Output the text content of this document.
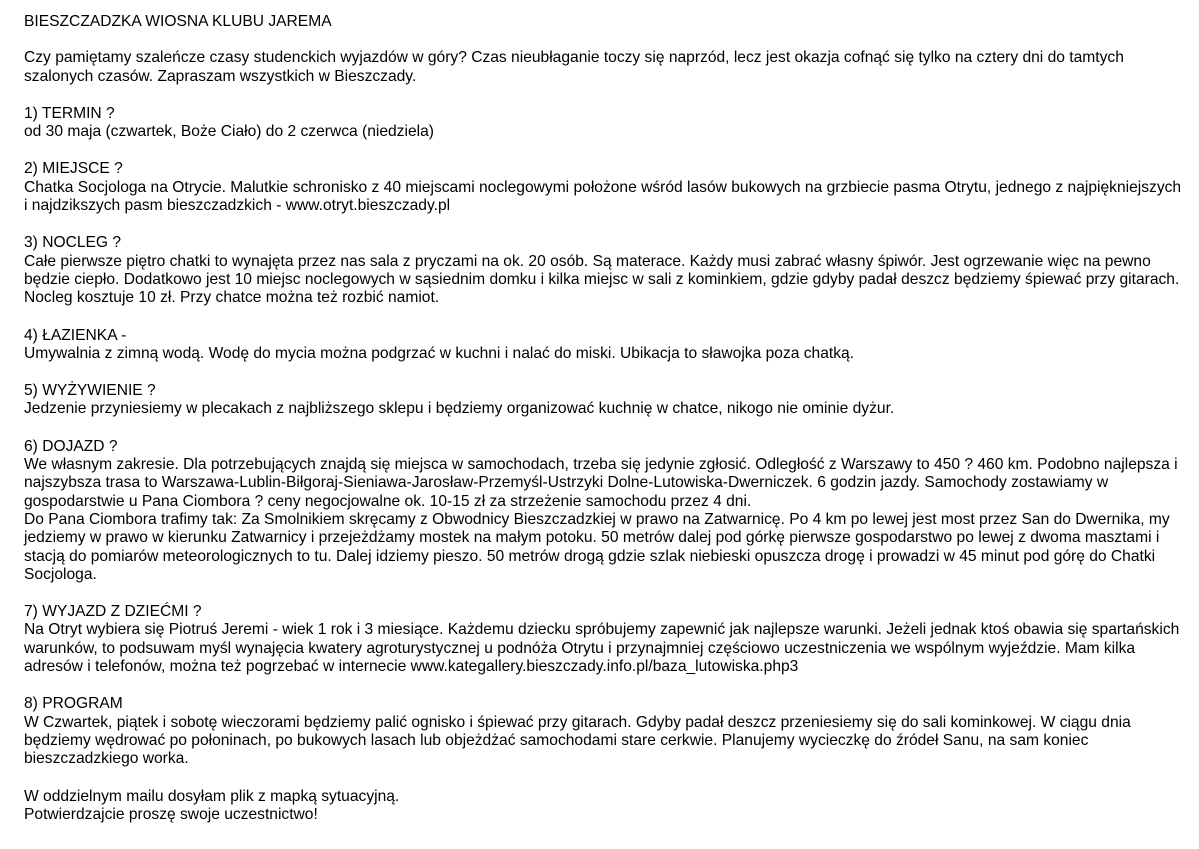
BIESZCZADZKA WIOSNA KLUBU JAREMA

Czy pamiętamy szaleńcze czasy studenckich wyjazdów w góry? Czas nieubłaganie toczy się naprzód, lecz jest okazja cofnąć się tylko na cztery dni do tamtych szalonych czasów. Zapraszam wszystkich w Bieszczady.

1) TERMIN ?

od 30 maja (czwartek, Boże Ciało) do 2 czerwca (niedziela)

2) MIEJSCE ?

Chatka Socjologa na Otrycie. Malutkie schronisko z 40 miejscami noclegowymi położone wśród lasów bukowych na grzbiecie pasma Otrytu, jednego z najpiękniejszych i najdzikszych pasm bieszczadzkich - www.otryt.bieszczady.pl

3) NOCLEG ?

Całe pierwsze piętro chatki to wynajęta przez nas sala z pryczami na ok. 20 osób. Są materace. Każdy musi zabrać własny śpiwór. Jest ogrzewanie więc na pewno będzie ciepło. Dodatkowo jest 10 miejsc noclegowych w sąsiednim domku i kilka miejsc w sali z kominkiem, gdzie gdyby padał deszcz będziemy śpiewać przy gitarach. Nocleg kosztuje 10 zł. Przy chatce można też rozbić namiot.

4) ŁAZIENKA -

Umywalnia z zimną wodą. Wodę do mycia można podgrzać w kuchni i nalać do miski. Ubikacja to sławojka poza chatką.

5) WYŻYWIENIE ?

Jedzenie przyniesiemy w plecakach z najbliższego sklepu i będziemy organizować kuchnię w chatce, nikogo nie ominie dyżur.

6) DOJAZD ?

We własnym zakresie. Dla potrzebujących znajdą się miejsca w samochodach, trzeba się jedynie zgłosić. Odległość z Warszawy to 450 ? 460 km. Podobno najlepsza i najszybsza trasa to Warszawa-Lublin-Biłgoraj-Sieniawa-Jarosław-Przemyśl-Ustrzyki Dolne-Lutowiska-Dwerniczek. 6 godzin jazdy. Samochody zostawiamy w gospodarstwie u Pana Ciombora ? ceny negocjowalne ok. 10-15 zł za strzeżenie samochodu przez 4 dni.

Do Pana Ciombora trafimy tak: Za Smolnikiem skręcamy z Obwodnicy Bieszczadzkiej w prawo na Zatwarnicę. Po 4 km po lewej jest most przez San do Dwernika, my jedziemy w prawo w kierunku Zatwarnicy i przejeżdżamy mostek na małym potoku. 50 metrów dalej pod górkę pierwsze gospodarstwo po lewej z dwoma masztami i stacją do pomiarów meteorologicznych to tu. Dalej idziemy pieszo. 50 metrów drogą gdzie szlak niebieski opuszcza drogę i prowadzi w 45 minut pod górę do Chatki Socjologa.

7) WYJAZD Z DZIEĆMI ?

Na Otryt wybiera się Piotruś Jeremi - wiek 1 rok i 3 miesiące. Każdemu dziecku spróbujemy zapewnić jak najlepsze warunki. Jeżeli jednak ktoś obawia się spartańskich warunków, to podsuwam myśl wynajęcia kwatery agroturystycznej u podnóża Otrytu i przynajmniej częściowo uczestniczenia we wspólnym wyjeździe. Mam kilka adresów i telefonów, można też pogrzebać w internecie www.kategallery.bieszczady.info.pl/baza_lutowiska.php3

8) PROGRAM

W Czwartek, piątek i sobotę wieczorami będziemy palić ognisko i śpiewać przy gitarach. Gdyby padał deszcz przeniesiemy się do sali kominkowej. W ciągu dnia będziemy wędrować po połoninach, po bukowych lasach lub objeżdżać samochodami stare cerkwie. Planujemy wycieczkę do źródeł Sanu, na sam koniec bieszczadzkiego worka.

W oddzielnym mailu dosyłam plik z mapką sytuacyjną.

Potwierdzajcie proszę swoje uczestnictwo!
